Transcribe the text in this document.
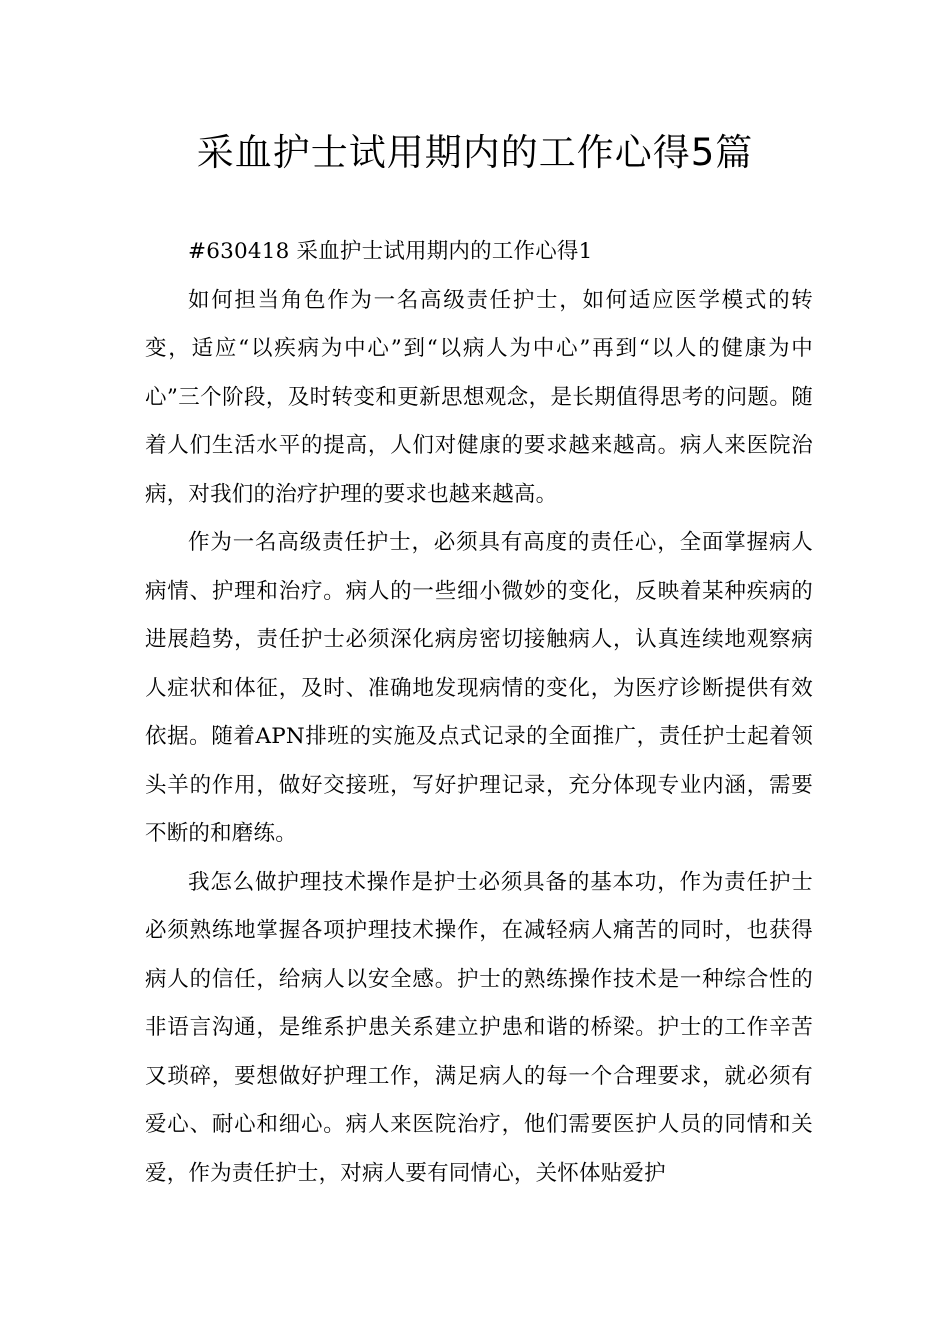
采血护士试用期内的工作心得5篇

#630418 采血护士试用期内的工作心得1

如何担当角色作为一名高级责任护士，如何适应医学模式的转变，适应“以疾病为中心”到“以病人为中心”再到“以人的健康为中心”三个阶段，及时转变和更新思想观念，是长期值得思考的问题。随着人们生活水平的提高，人们对健康的要求越来越高。病人来医院治病，对我们的治疗护理的要求也越来越高。

作为一名高级责任护士，必须具有高度的责任心，全面掌握病人病情、护理和治疗。病人的一些细小微妙的变化，反映着某种疾病的进展趋势，责任护士必须深化病房密切接触病人，认真连续地观察病人症状和体征，及时、准确地发现病情的变化，为医疗诊断提供有效依据。随着APN排班的实施及点式记录的全面推广，责任护士起着领头羊的作用，做好交接班，写好护理记录，充分体现专业内涵，需要不断的和磨练。

我怎么做护理技术操作是护士必须具备的基本功，作为责任护士必须熟练地掌握各项护理技术操作，在减轻病人痛苦的同时，也获得病人的信任，给病人以安全感。护士的熟练操作技术是一种综合性的非语言沟通，是维系护患关系建立护患和谐的桥梁。护士的工作辛苦又琐碎，要想做好护理工作，满足病人的每一个合理要求，就必须有爱心、耐心和细心。病人来医院治疗，他们需要医护人员的同情和关爱，作为责任护士，对病人要有同情心，关怀体贴爱护
